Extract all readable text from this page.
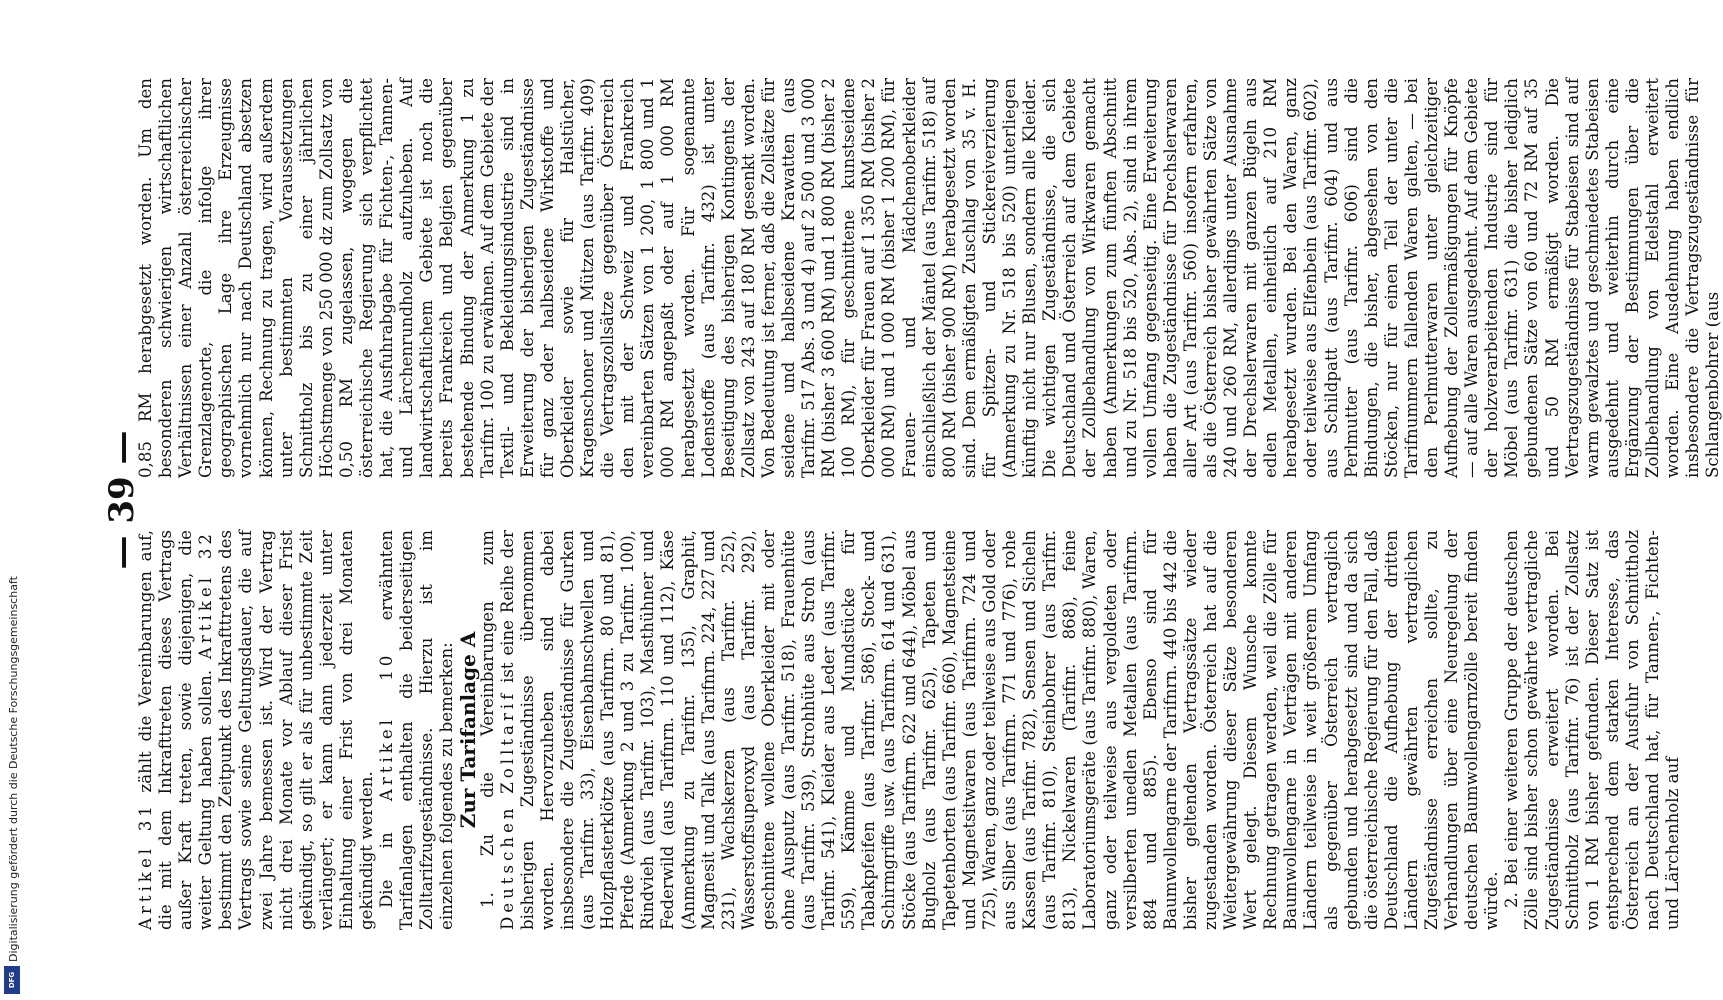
— 39 —

Artikel 31 zählt die Vereinbarungen auf, die mit dem Inkrafttreten dieses Vertrags außer Kraft treten, sowie diejenigen, die weiter Geltung haben sollen. Artikel 32 bestimmt den Zeitpunkt des Inkrafttretens des Vertrags sowie seine Geltungsdauer, die auf zwei Jahre bemessen ist. Wird der Vertrag nicht drei Monate vor Ablauf dieser Frist gekündigt, so gilt er als für unbestimmte Zeit verlängert; er kann dann jederzeit unter Einhaltung einer Frist von drei Monaten gekündigt werden. Die in Artikel 10 erwähnten Tarifanlagen enthalten die beiderseitigen Zolltarifzugeständnisse. Hierzu ist im einzelnen folgendes zu bemerken: Zur Tarifanlage A

1. Zu die Vereinbarungen zum Deutschen Zolltarif ist eine Reihe der bisherigen Zugeständnisse übernommen worden. Hervorzuheben sind dabei insbesondere die Zugeständnisse für Gurken (aus Tarifnr. 33), Eisenbahnschwellen und Holzpflasterklötze (aus Tarifnrn. 80 und 81), Pferde (Anmerkung 2 und 3 zu Tarifnr. 100), Rindvieh (aus Tarifnr. 103), Masthühner und Federwild (aus Tarifnrn. 110 und 112), Käse (Anmerkung zu Tarifnr. 135), Graphit, Magnesit und Talk (aus Tarifnrn. 224, 227 und 231), Wachskerzen (aus Tarifnr. 252), Wasserstoffsuperoxyd (aus Tarifnr. 292), geschnittene wollene Oberkleider mit oder ohne Ausputz (aus Tarifnr. 518), Frauenhüte (aus Tarifnr. 539), Strohhüte aus Stroh (aus Tarifnr. 541), Kleider aus Leder (aus Tarifnr. 559), Kämme und Mundstücke für Tabakpfeifen (aus Tarifnr. 586), Stock- und Schirmgriffe usw. (aus Tarifnrn. 614 und 631), Stöcke (aus Tarifnrn. 622 und 644), Möbel aus Bugholz (aus Tarifnr. 625), Tapeten und Tapetenborten (aus Tarifnr. 660), Magnetsteine und Magnetsitwaren (aus Tarifnrn. 724 und 725), Waren, ganz oder teilweise aus Gold oder aus Silber (aus Tarifnrn. 771 und 776), rohe Kassen (aus Tarifnr. 782), Sensen und Sicheln (aus Tarifnr. 810), Steinbohrer (aus Tarifnr. 813), Nickelwaren (Tarifnr. 868), feine Laboratoriumsgeräte (aus Tarifnr. 880), Waren, ganz oder teilweise aus vergoldeten oder versilberten unedlen Metallen (aus Tarifnrn. 884 und 885). Ebenso sind für Baumwollengarne der Tarifnrn. 440 bis 442 die bisher geltenden Vertragssätze wieder zugestanden worden. Österreich hat auf die Weitergewährung dieser Sätze besonderen Wert gelegt. Diesem Wunsche konnte Rechnung getragen werden, weil die Zölle für Baumwollengarne in Verträgen mit anderen Ländern teilweise in weit größerem Umfang als gegenüber Österreich vertraglich gebunden und herabgesetzt sind und da sich die österreichische Regierung für den Fall, daß Deutschland die Aufhebung der dritten Ländern gewährten vertraglichen Zugeständnisse erreichen sollte, zu Verhandlungen über eine Neuregelung der deutschen Baumwollengarnzölle bereit finden würde. 2. Bei einer weiteren Gruppe der deutschen Zölle sind bisher schon gewährte vertragliche Zugeständnisse erweitert worden. Bei Schnittholz (aus Tarifnr. 76) ist der Zollsatz von 1 RM bisher gefunden. Dieser Satz ist entsprechend dem starken Interesse, das Österreich an der Ausfuhr von Schnittholz nach Deutschland hat, für Tannen-, Fichten- und Lärchenholz auf

0,85 RM herabgesetzt worden. Um den besonderen schwierigen wirtschaftlichen Verhältnissen einer Anzahl österreichischer Grenzlagenorte, die infolge ihrer geographischen Lage ihre Erzeugnisse vornehmlich nur nach Deutschland absetzen können, Rechnung zu tragen, wird außerdem unter bestimmten Voraussetzungen Schnittholz bis zu einer jährlichen Höchstmenge von 250 000 dz zum Zollsatz von 0,50 RM zugelassen, wogegen die österreichische Regierung sich verpflichtet hat, die Ausfuhrabgabe für Fichten-, Tannen- und Lärchenrundholz aufzuheben. Auf landwirtschaftlichem Gebiete ist noch die bereits Frankreich und Belgien gegenüber bestehende Bindung der Anmerkung 1 zu Tarifnr. 100 zu erwähnen. Auf dem Gebiete der Textil- und Bekleidungsindustrie sind in Erweiterung der bisherigen Zugeständnisse für ganz oder halbseidene Wirkstoffe und Oberkleider sowie für Halstücher, Kragenschoner und Mützen (aus Tarifnr. 409) die Vertragszollsätze gegenüber Österreich den mit der Schweiz und Frankreich vereinbarten Sätzen von 1 200, 1 800 und 1 000 RM angepaßt oder auf 1 000 RM herabgesetzt worden. Für sogenannte Lodenstoffe (aus Tarifnr. 432) ist unter Beseitigung des bisherigen Kontingents der Zollsatz von 243 auf 180 RM gesenkt worden. Von Bedeutung ist ferner, daß die Zollsätze für seidene und halbseidene Krawatten (aus Tarifnr. 517 Abs. 3 und 4) auf 2 500 und 3 000 RM (bisher 3 600 RM) und 1 800 RM (bisher 2 100 RM), für geschnittene kunstseidene Oberkleider für Frauen auf 1 350 RM (bisher 2 000 RM) und 1 000 RM (bisher 1 200 RM), für Frauen- und Mädchenoberkleider einschließlich der Mäntel (aus Tarifnr. 518) auf 800 RM (bisher 900 RM) herabgesetzt worden sind. Dem ermäßigten Zuschlag von 35 v. H. für Spitzen- und Stickereiverzierung (Anmerkung zu Nr. 518 bis 520) unterliegen künftig nicht nur Blusen, sondern alle Kleider. Die wichtigen Zugeständnisse, die sich Deutschland und Österreich auf dem Gebiete der Zollbehandlung von Wirkwaren gemacht haben (Anmerkungen zum fünften Abschnitt und zu Nr. 518 bis 520, Abs. 2), sind in ihrem vollen Umfang gegenseitig. Eine Erweiterung haben die Zugeständnisse für Drechslerwaren aller Art (aus Tarifnr. 560) insofern erfahren, als die Österreich bisher gewährten Sätze von 240 und 260 RM, allerdings unter Ausnahme der Drechslerwaren mit ganzen Bügeln aus edlen Metallen, einheitlich auf 210 RM herabgesetzt wurden. Bei den Waren, ganz oder teilweise aus Elfenbein (aus Tarifnr. 602), aus Schildpatt (aus Tarifnr. 604) und aus Perlmutter (aus Tarifnr. 606) sind die Bindungen, die bisher, abgesehen von den Stöcken, nur für einen Teil der unter die Tarifnummern fallenden Waren galten, — bei den Perlmutterwaren unter gleichzeitiger Aufhebung der Zollermäßigungen für Knöpfe — auf alle Waren ausgedehnt. Auf dem Gebiete der holzverarbeitenden Industrie sind für Möbel (aus Tarifnr. 631) die bisher lediglich gebundenen Sätze von 60 und 72 RM auf 35 und 50 RM ermäßigt worden. Die Vertragszugeständnisse für Stabeisen sind auf warm gewalztes und geschmiedetes Stabeisen ausgedehnt und weiterhin durch eine Ergänzung der Bestimmungen über die Zollbehandlung von Edelstahl erweitert worden. Eine Ausdehnung haben endlich insbesondere die Vertragszugeständnisse für Schlangenbohrer (aus

Digitalisierung gefördert durch die Deutsche Forschungsgemeinschaft
DFG
